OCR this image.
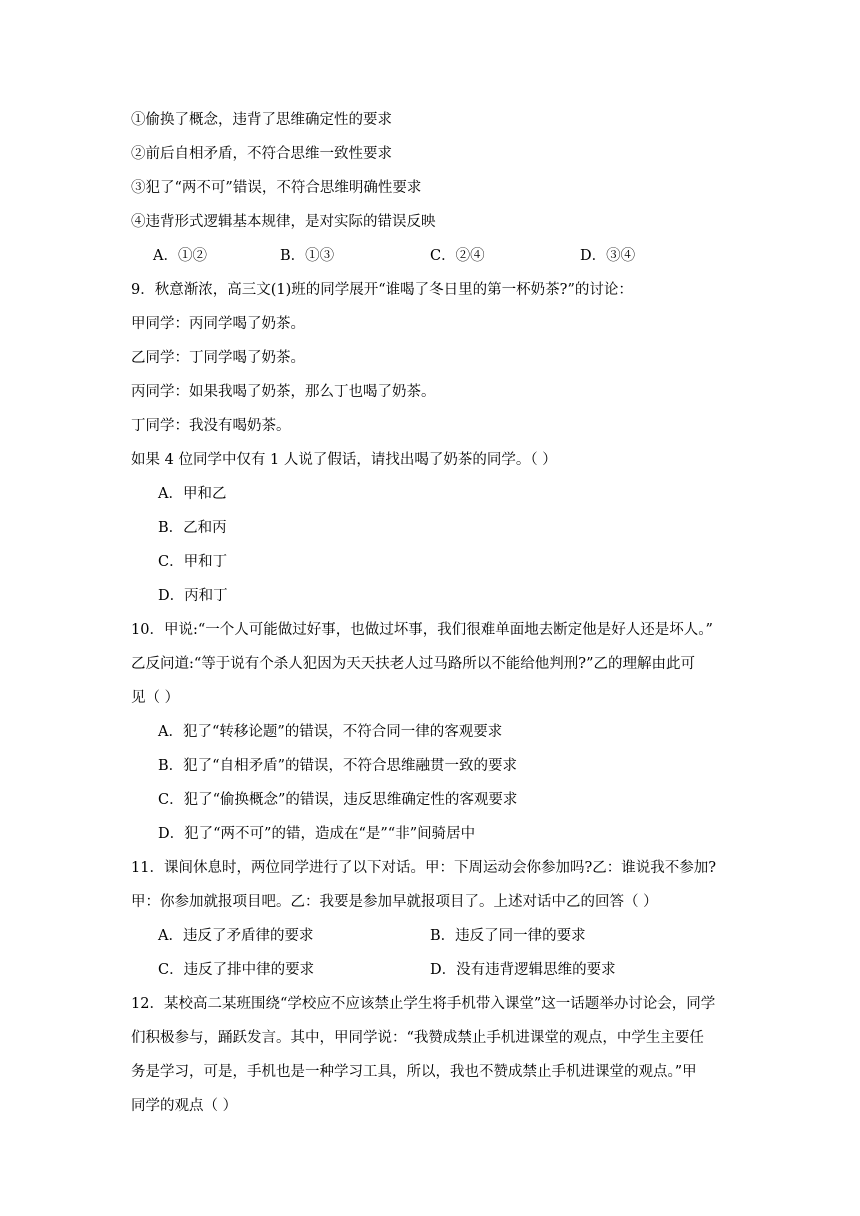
①偷换了概念，违背了思维确定性的要求
②前后自相矛盾，不符合思维一致性要求
③犯了“两不可”错误，不符合思维明确性要求
④违背形式逻辑基本规律，是对实际的错误反映
A．①②	B．①③	C．②④	D．③④
9．秋意渐浓，高三文(1)班的同学展开“谁喝了冬日里的第一杯奶茶?”的讨论：
甲同学：丙同学喝了奶茶。
乙同学：丁同学喝了奶茶。
丙同学：如果我喝了奶茶，那么丁也喝了奶茶。
丁同学：我没有喝奶茶。
如果 4 位同学中仅有 1 人说了假话，请找出喝了奶茶的同学。（ ）
A．甲和乙
B．乙和丙
C．甲和丁
D．丙和丁
10．甲说:“一个人可能做过好事，也做过坏事，我们很难单面地去断定他是好人还是坏人。”
乙反问道:“等于说有个杀人犯因为天天扶老人过马路所以不能给他判刑?”乙的理解由此可
见（ ）
A．犯了“转移论题”的错误，不符合同一律的客观要求
B．犯了“自相矛盾”的错误，不符合思维融贯一致的要求
C．犯了“偷换概念”的错误，违反思维确定性的客观要求
D．犯了“两不可”的错，造成在“是”“非”间骑居中
11．课间休息时，两位同学进行了以下对话。甲：下周运动会你参加吗?乙：谁说我不参加?
甲：你参加就报项目吧。乙：我要是参加早就报项目了。上述对话中乙的回答（ ）
A．违反了矛盾律的要求	B．违反了同一律的要求
C．违反了排中律的要求	D．没有违背逻辑思维的要求
12．某校高二某班围绕“学校应不应该禁止学生将手机带入课堂”这一话题举办讨论会，同学
们积极参与，踊跃发言。其中，甲同学说：“我赞成禁止手机进课堂的观点，中学生主要任
务是学习，可是，手机也是一种学习工具，所以，我也不赞成禁止手机进课堂的观点。”甲
同学的观点（ ）
